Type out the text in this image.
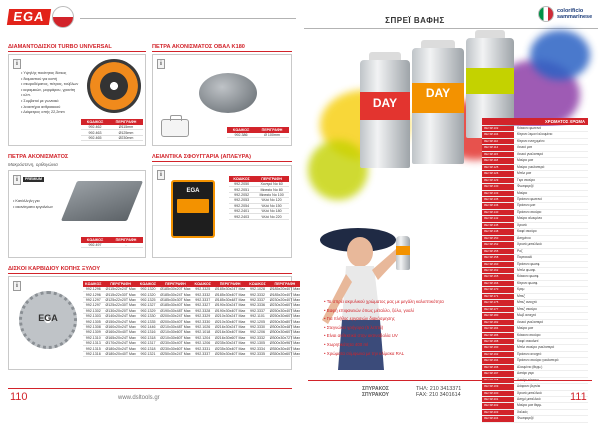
EGA
ΔΙΑΜΑΝΤΟΔΙΣΚΟΙ TURBO UNIVERSAL
i
• Υψηλής ποιότητας δίσκος
• διαμαντιού για κοπή
• σκυροδέματος, πέτρας, τούβλων
• κεραμικών, μαρμάρου, γρανίτη
• κλπ.
• Συμβατοί με γωνιακό
• λειαντήρα ανθρακικού
• Διάμετρος οπής 22,2mm
ΚΩΔΙΚΟΣ	ΠΕΡΙΓΡΑΦΗ
992.462	Ø115mm
992.463	Ø125mm
992.465	Ø230mm
ΠΕΤΡΑ ΑΚΟΝΙΣΜΑΤΟΣ ΟΒΑΛ Κ180
i
ΚΩΔΙΚΟΣ	ΠΕΡΙΓΡΑΦΗ
992.386	Ø 100mm
ΠΕΤΡΑ ΑΚΟΝΙΣΜΑΤΟΣ
Μακρόστενη, ορθογώνια
i	PREMIUM
• Κατάλληλη για
• ακονίσματα εργαλείων
ΚΩΔΙΚΟΣ	ΠΕΡΙΓΡΑΦΗ
992.497	-
ΛΕΙΑΝΤΙΚΑ ΣΦΟΥΓΓΑΡΙΑ (ΑΠΛΕΥΡΑ)
i
EGA
ΚΩΔΙΚΟΣ	ΠΕΡΙΓΡΑΦΗ
992.2050	Χοντρό Νο 60
992.2051	Μεσαίο Νο 80
992.2052	Μεσαίο Νο 100
992.2053	Ψιλό Νο 120
992.2054	Ψιλό Νο 150
992.2401	Ψιλό Νο 180
992.2403	Ψιλό Νο 220
ΔΙΣΚΟΙ ΚΑΡΒΙΔΙΟΥ ΚΟΠΗΣ ΞΥΛΟΥ
i
EGA
ΚΩΔΙΚΟΣ	ΠΕΡΙΓΡΑΦΗ	ΚΩΔΙΚΟΣ	ΠΕΡΙΓΡΑΦΗ	ΚΩΔΙΚΟΣ	ΠΕΡΙΓΡΑΦΗ	ΚΩΔΙΚΟΣ	ΠΕΡΙΓΡΑΦΗ
992.1296	Ø115x22x24T Max	992.1320	Ø185x30x20T Max	992.3325	Ø185x30x24T Max	992.1028	Ø185x20x40T Max
992.1296	Ø115x22x30T Max	992.1320	Ø185x30x24T Max	992.3332	Ø185x30x40T Max	992.3332	Ø185x20x40T Max
992.1297	Ø125x22x20T Max	992.1325	Ø185x30x30T Max	992.3337	Ø185x30x48T Max	992.3337	Ø230x20x40T Max
992.1297	Ø125x22x30T Max	992.1327	Ø185x30x40T Max	992.3327	Ø190x30x24T Max	992.3336	Ø230x20x60T Max
992.1302	Ø130x20x20T Max	992.1329	Ø190x30x48T Max	992.3328	Ø190x30x40T Max	992.3337	Ø250x30x40T Max
992.1303	Ø140x20x24T Max	992.1330	Ø200x30x24T Max	992.3329	Ø210x30x24T Max	992.1101	Ø250x30x60T Max
992.1305	Ø150x20x24T Max	992.1335	Ø200x30x40T Max	992.3330	Ø210x30x40T Max	992.1205	Ø250x30x80T Max
992.1308	Ø160x20x24T Max	992.1446	Ø210x30x48T Max	992.1026	Ø216x30x24T Max	992.3330	Ø300x30x48T Max
992.1309	Ø160x20x40T Max	992.1316	Ø210x30x60T Max	992.1018	Ø216x30x40T Max	992.1206	Ø300x30x60T Max
992.1310	Ø165x20x24T Max	992.1318	Ø210x30x60T Max	992.1204	Ø216x30x60T Max	992.3332	Ø300x30x72T Max
992.1313	Ø170x20x24T Max	992.1317	Ø230x30x40T Max	992.1206	Ø235x30x24T Max	992.1305	Ø300x30x96T Max
992.1315	Ø180x20x24T Max	992.1318	Ø230x30x60T Max	992.3331	Ø235x30x40T Max	992.3334	Ø350x30x40T Max
992.1316	Ø180x20x40T Max	992.1321	Ø250x30x24T Max	992.3337	Ø250x30x40T Max	992.3335	Ø350x30x60T Max
110	www.dsltools.gr
ΣΠΡΕΪ ΒΑΦΗΣ
colorificio
sammarinese
DAY
DAY
• Τα σπρέι ακρυλικού χρώματος μας με μεγάλη καλυπτικότητα
• Βαφή επιφανειών όπως μέταλλο, ξύλο, γυαλί
• Για πλήθος εργασιών διακόσμησης
• Στεγνώνει γρήγορα (5 λεπτά)
• Είναι ανθεκτικά στην ακτινοβολία UV
• Χωρητικότητα 400 ml
• Χρώματα σύμφωνα με την κλίμακα RAL
ΧΡΩΜΑΤΟΣ ΧΡΩΜΑ
992.SP.102	Κόκκινο φωτεινό
992.SP.104	Κίτρινο λεμονί αλουμίνιο
992.SP.110	Κίτρινο ενισχυμένο
992.SP.114	Λευκό ματ
992.SP.115	Λευκό γυαλιστερό
992.SP.118	Μαύρο ματ
992.SP.125	Μαύρο γυαλιστερό
992.SP.126	Μπλε ματ
992.SP.129	Γκρι σκούρο
992.SP.130	Φωσφοριζέ
992.SP.133	Μαύρο
992.SP.135	Πράσινο φωτεινό
992.SP.136	Πράσινο ματ
992.SP.140	Πράσινο σκούρο
992.SP.142	Μαύρο αλουμίνιο
992.SP.145	Χρυσό
992.SP.148	Καφέ σκούρο
992.SP.150	Ασημένιο
992.SP.152	Χρυσό μεταλλικό
992.SP.155	Ροζ
992.SP.158	Πορτοκαλί
992.SP.160	Πράσινο φωσφ.
992.SP.162	Μπλε φωσφ.
992.SP.165	Κόκκινο φωσφ.
992.SP.166	Κίτρινο φωσφ.
992.SP.170	Κρεμ
992.SP.171	Μπεζ
992.SP.175	Μπεζ ανοιχτό
992.SP.177	Μπεζ σκούρο
992.SP.180	Μωβ ανοιχτό
992.SP.182	Λευκό γυαλιστερό
992.SP.184	Μαύρο ματ
992.SP.186	Κόκκινο σκούρο
992.SP.188	Καφέ σοκολατί
992.SP.190	Μπλε σκούρο γυαλιστερό
992.SP.192	Πράσινο ανοιχτό
992.SP.194	Πράσινο σκούρο γυαλιστερό
992.SP.196	Αλουμίνιο (θερμ.)
992.SP.197	Αστάρι γκρι
992.SP.199	Διάφανο βερνίκι
992.SP.200	Χρυσό μεταλλικό
992.SP.201	Ασημί μεταλλικό
992.SP.202	Μαύρο ματ θερμ.
992.SP.203	Χαλκός
992.SP.204	Φωσφοριζέ
ΣΠΥΡΑΚΟΣ
ΣΠΥΡΑΚΟΥ
ΤΗΛ: 210 3413371
FAX: 210 3401614	111
